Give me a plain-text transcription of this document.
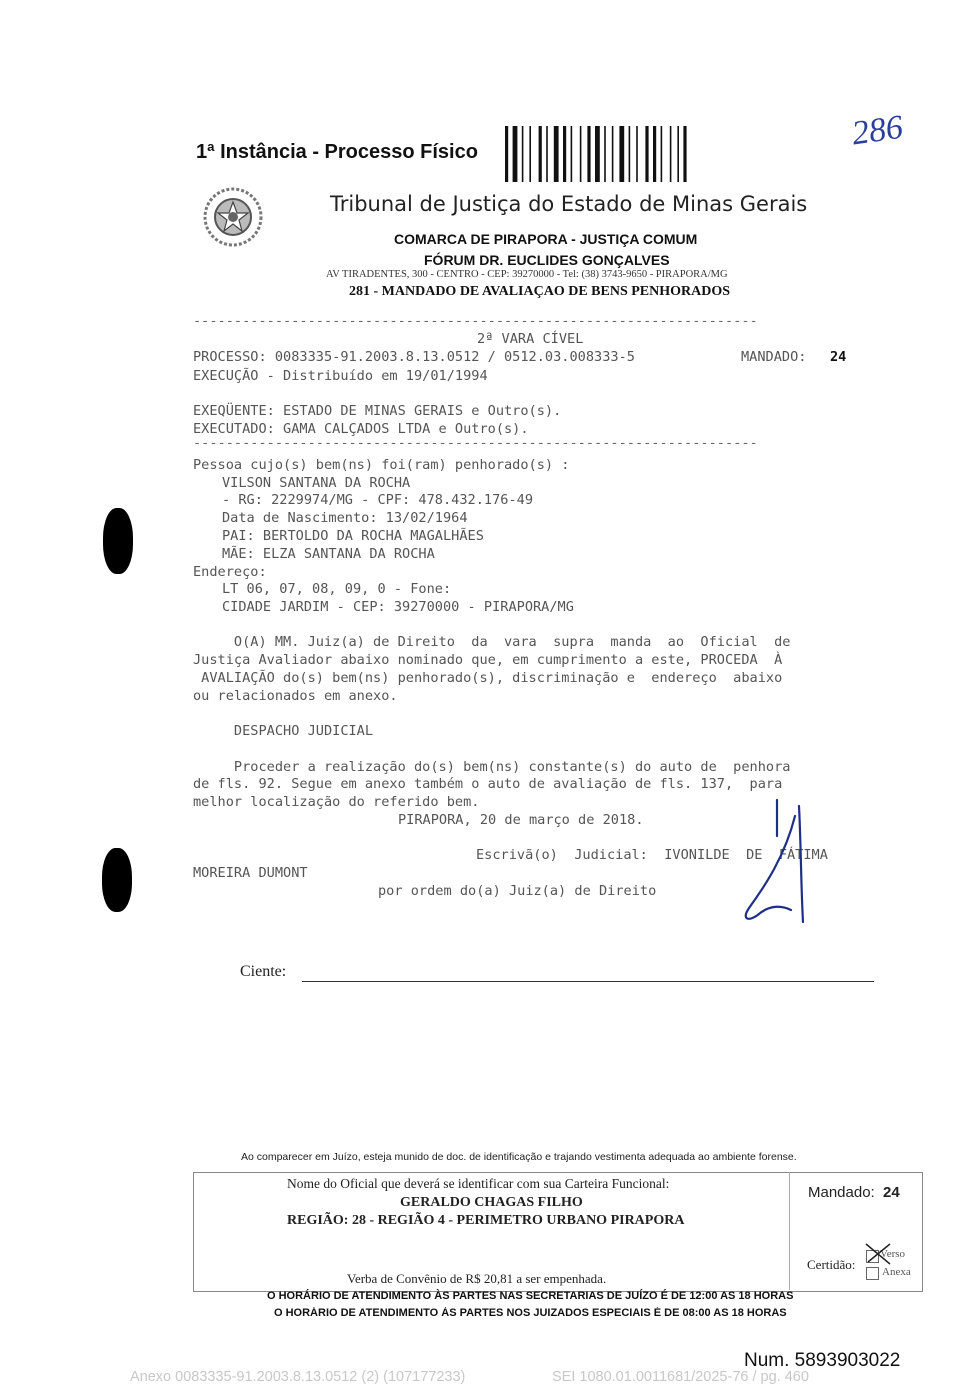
1ª Instância - Processo Físico	286
Tribunal de Justiça do Estado de Minas Gerais
COMARCA DE PIRAPORA - JUSTIÇA COMUM
FÓRUM DR. EUCLIDES GONÇALVES
AV TIRADENTES, 300 - CENTRO - CEP: 39270000 - Tel: (38) 3743-9650 - PIRAPORA/MG
281 - MANDADO DE AVALIAÇAO DE BENS PENHORADOS
---------------------------------------------------------------------
2ª VARA CÍVEL
PROCESSO: 0083335-91.2003.8.13.0512 / 0512.03.008333-5	MANDADO: 24
EXECUÇÃO - Distribuído em 19/01/1994
EXEQÜENTE: ESTADO DE MINAS GERAIS e Outro(s).
EXECUTADO: GAMA CALÇADOS LTDA e Outro(s).
---------------------------------------------------------------------
Pessoa cujo(s) bem(ns) foi(ram) penhorado(s) :
VILSON SANTANA DA ROCHA
- RG: 2229974/MG - CPF: 478.432.176-49
Data de Nascimento: 13/02/1964
PAI: BERTOLDO DA ROCHA MAGALHÃES
MÃE: ELZA SANTANA DA ROCHA
Endereço:
LT 06, 07, 08, 09, 0 - Fone:
CIDADE JARDIM - CEP: 39270000 - PIRAPORA/MG
O(A) MM. Juiz(a) de Direito  da  vara  supra  manda  ao  Oficial  de
Justiça Avaliador abaixo nominado que, em cumprimento a este, PROCEDA  À
AVALIAÇÃO do(s) bem(ns) penhorado(s), discriminação e  endereço  abaixo
ou relacionados em anexo.
DESPACHO JUDICIAL
Proceder a realização do(s) bem(ns) constante(s) do auto de  penhora
de fls. 92. Segue em anexo também o auto de avaliação de fls. 137,  para
melhor localização do referido bem.
PIRAPORA, 20 de março de 2018.
Escrivã(o)  Judicial:  IVONILDE  DE  FÁTIMA
MOREIRA DUMONT
por ordem do(a) Juiz(a) de Direito
Ciente:
Ao comparecer em Juízo, esteja munido de doc. de identificação e trajando vestimenta adequada ao ambiente forense.
Nome do Oficial que deverá se identificar com sua Carteira Funcional:
GERALDO CHAGAS FILHO
REGIÃO: 28 - REGIÃO 4 - PERIMETRO URBANO PIRAPORA
Mandado: 24
Certidão:
Verso
Anexa
Verba de Convênio de R$ 20,81 a ser empenhada.
O HORÁRIO DE ATENDIMENTO ÀS PARTES NAS SECRETARIAS DE JUÍZO É DE 12:00 AS 18 HORAS
O HORÁRIO DE ATENDIMENTO ÀS PARTES NOS JUIZADOS ESPECIAIS É DE 08:00 AS 18 HORAS
Num. 5893903022
Anexo 0083335-91.2003.8.13.0512 (2) (107177233)	SEI 1080.01.0011681/2025-76 / pg. 460
